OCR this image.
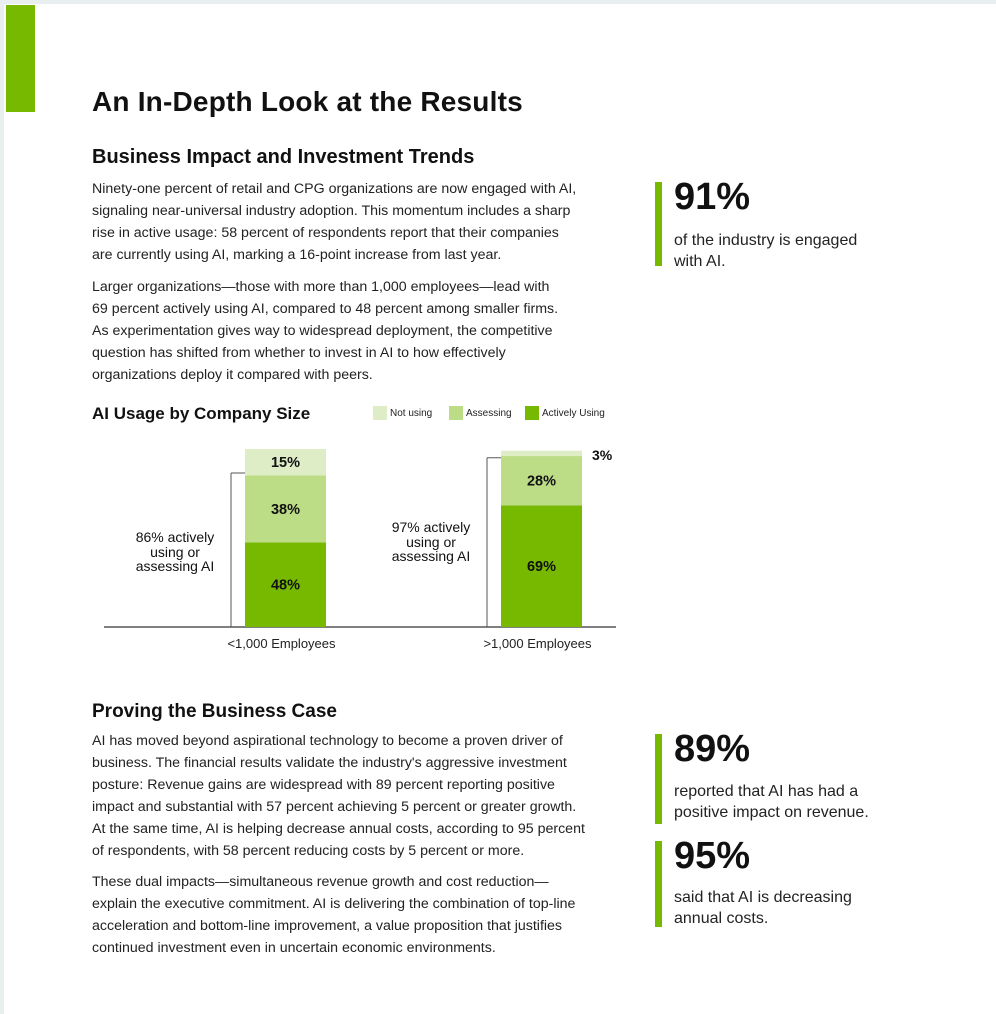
An In-Depth Look at the Results
Business Impact and Investment Trends
Ninety-one percent of retail and CPG organizations are now engaged with AI,
signaling near-universal industry adoption. This momentum includes a sharp
rise in active usage: 58 percent of respondents report that their companies
are currently using AI, marking a 16-point increase from last year.
Larger organizations—those with more than 1,000 employees—lead with
69 percent actively using AI, compared to 48 percent among smaller firms.
As experimentation gives way to widespread deployment, the competitive
question has shifted from whether to invest in AI to how effectively
organizations deploy it compared with peers.
91%
of the industry is engaged
with AI.
AI Usage by Company Size	Not using	Assessing	Actively Using
86% actively
using or
assessing AI
97% actively
using or
assessing AI
48%
38%
15%
<1,000 Employees
69%
28%
3%
>1,000 Employees
Proving the Business Case
AI has moved beyond aspirational technology to become a proven driver of
business. The financial results validate the industry's aggressive investment
posture: Revenue gains are widespread with 89 percent reporting positive
impact and substantial with 57 percent achieving 5 percent or greater growth.
At the same time, AI is helping decrease annual costs, according to 95 percent
of respondents, with 58 percent reducing costs by 5 percent or more.
These dual impacts—simultaneous revenue growth and cost reduction—
explain the executive commitment. AI is delivering the combination of top-line
acceleration and bottom-line improvement, a value proposition that justifies
continued investment even in uncertain economic environments.
89%
reported that AI has had a
positive impact on revenue.
95%
said that AI is decreasing
annual costs.
